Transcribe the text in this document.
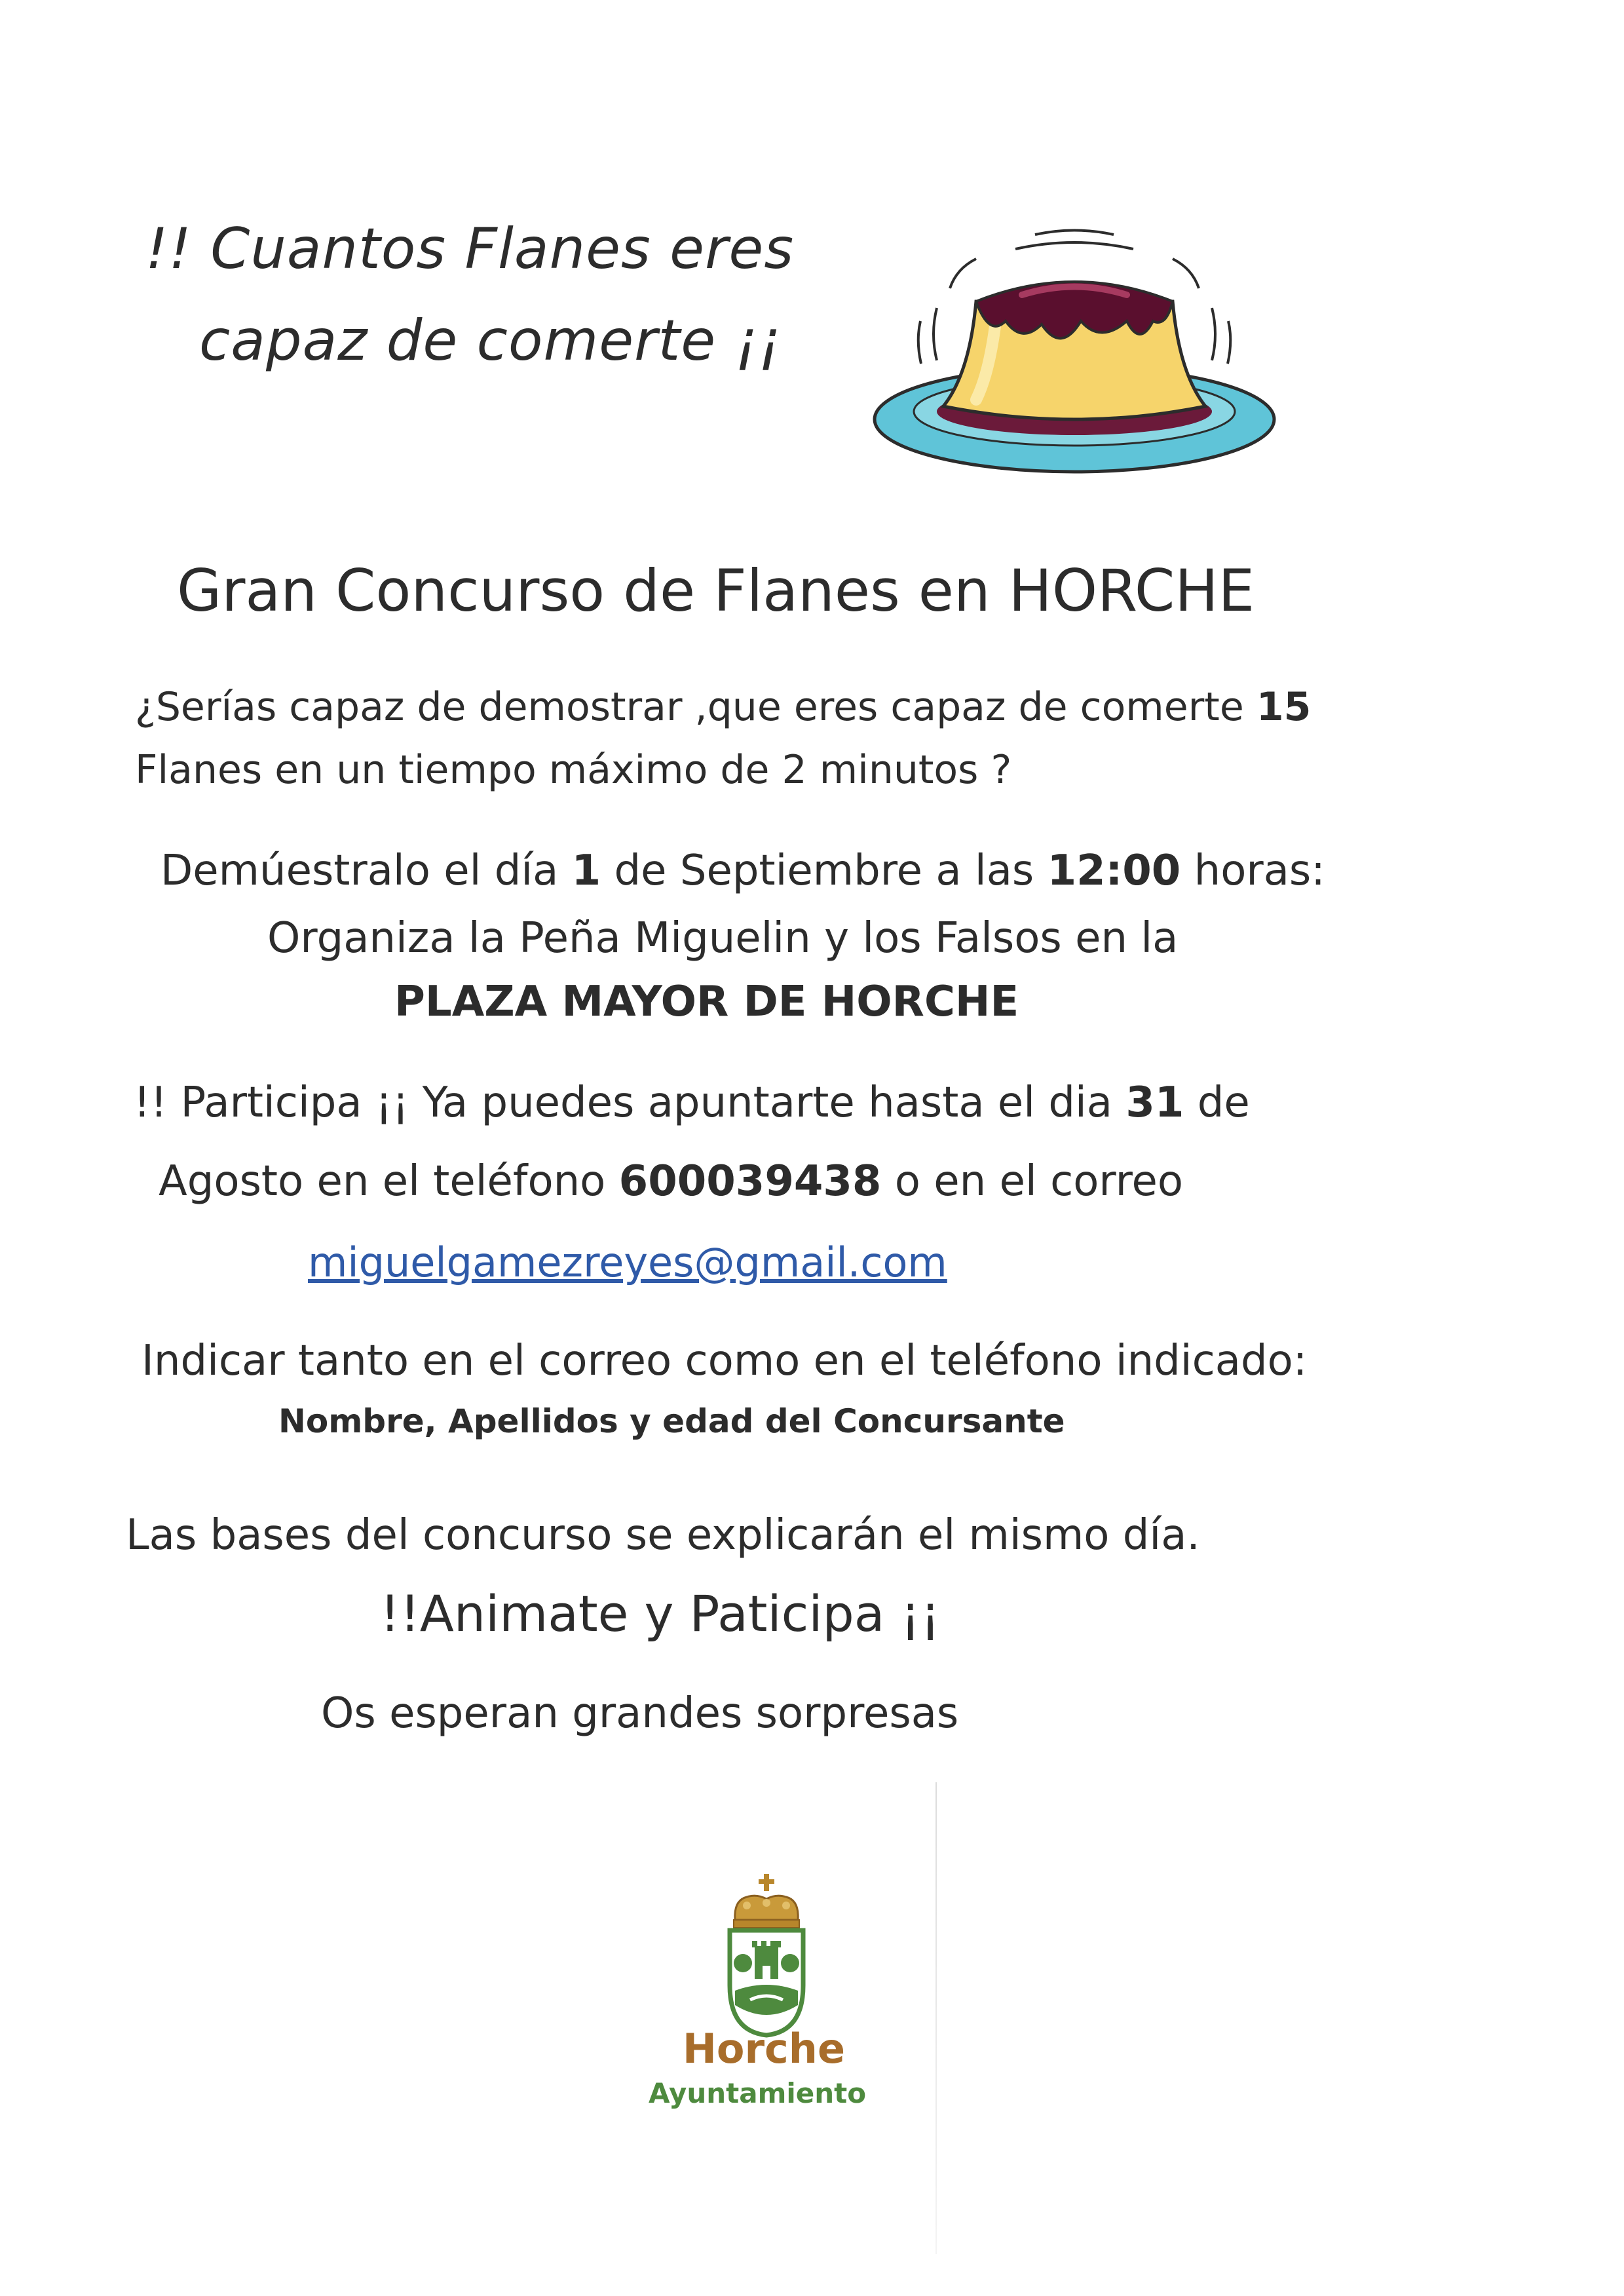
!! Cuantos Flanes eres
capaz de comerte ¡¡
Gran Concurso de Flanes en HORCHE
¿Serías capaz de demostrar ,que eres capaz de comerte 15
Flanes en un tiempo máximo de 2 minutos ?
Demúestralo el día 1 de Septiembre a las 12:00 horas:
Organiza la Peña Miguelin y los Falsos en la
PLAZA MAYOR DE HORCHE
!! Participa ¡¡ Ya puedes apuntarte hasta el dia 31 de
Agosto en el teléfono 600039438 o en el correo
miguelgamezreyes@gmail.com
Indicar tanto en el correo como en el teléfono indicado:
Nombre, Apellidos y edad del Concursante
Las bases del concurso se explicarán el mismo día.
!!Animate y Paticipa ¡¡
Os esperan grandes sorpresas
Horche
Ayuntamiento
